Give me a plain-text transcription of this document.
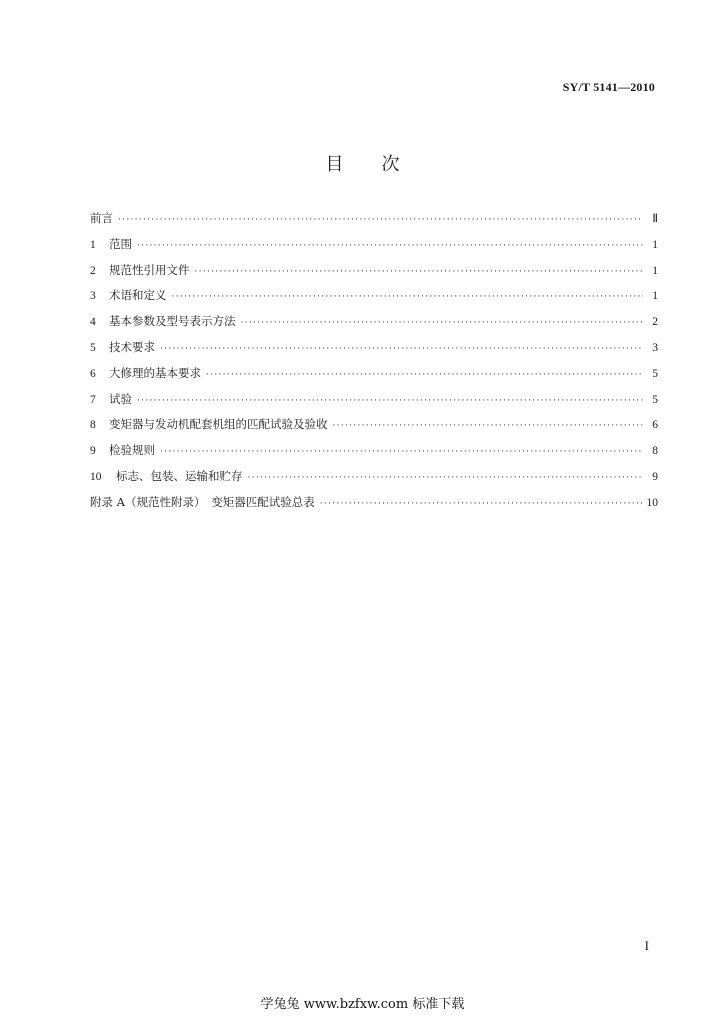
SY/T 5141—2010
目次
前言 ·····	Ⅱ
1 范围 ·····	1
2 规范性引用文件 ·····	1
3 术语和定义 ·····	1
4 基本参数及型号表示方法 ·····	2
5 技术要求 ·····	3
6 大修理的基本要求 ·····	5
7 试验 ·····	5
8 变矩器与发动机配套机组的匹配试验及验收 ·····	6
9 检验规则 ·····	8
10 标志、包装、运输和贮存 ·····	9
附录 A（规范性附录）　变矩器匹配试验总表 ·····	10
I
学兔兔 www.bzfxw.com 标准下载
